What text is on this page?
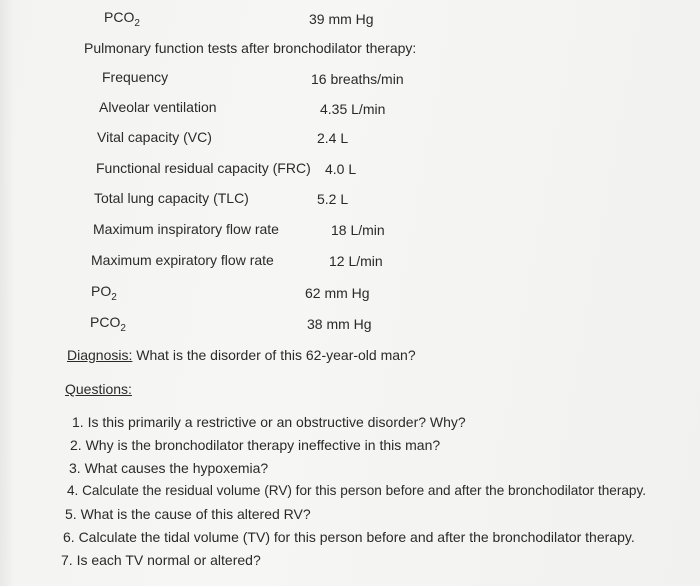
$PCO_2$	39 mm Hg
Pulmonary function tests after bronchodilator therapy:
Frequency	16 breaths/min
Alveolar ventilation	4.35 L/min
Vital capacity (VC)	2.4 L
Functional residual capacity (FRC) 4.0 L
Total lung capacity (TLC)	5.2 L
Maximum inspiratory flow rate	18 L/min
Maximum expiratory flow rate	12 L/min
$PO_2$	62 mm Hg
$PCO_2$	38 mm Hg
Diagnosis: What is the disorder of this 62-year-old man?
Questions:
1. Is this primarily a restrictive or an obstructive disorder? Why?
2. Why is the bronchodilator therapy ineffective in this man?
3. What causes the hypoxemia?
4. Calculate the residual volume (RV) for this person before and after the bronchodilator therapy.
5. What is the cause of this altered RV?
6. Calculate the tidal volume (TV) for this person before and after the bronchodilator therapy.
7. Is each TV normal or altered?
